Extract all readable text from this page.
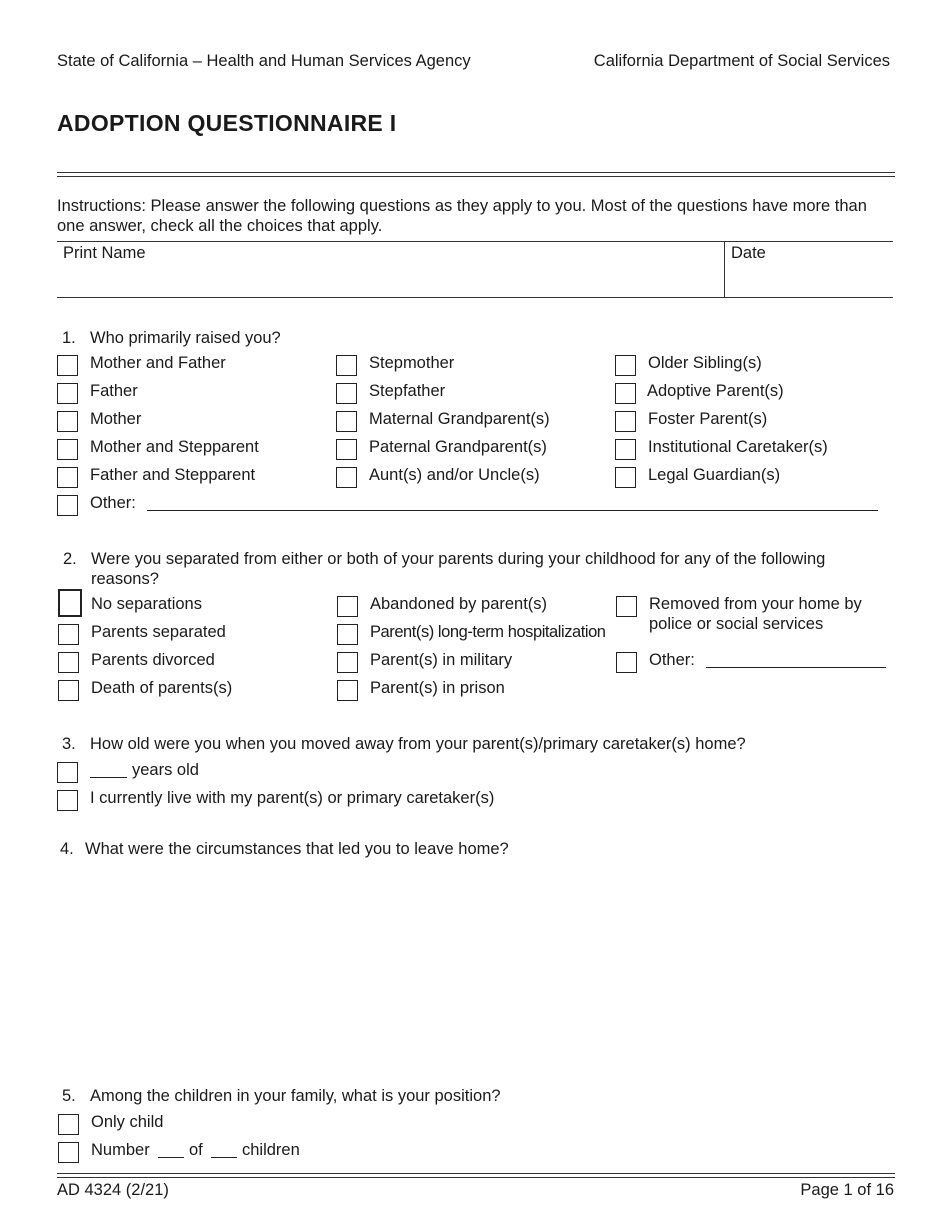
State of California – Health and Human Services Agency	California Department of Social Services
ADOPTION QUESTIONNAIRE I
Instructions: Please answer the following questions as they apply to you. Most of the questions have more than one answer, check all the choices that apply.
Print Name	Date
1. Who primarily raised you?
Mother and Father
Father
Mother
Mother and Stepparent
Father and Stepparent
Stepmother
Stepfather
Maternal Grandparent(s)
Paternal Grandparent(s)
Aunt(s) and/or Uncle(s)
Older Sibling(s)
Adoptive Parent(s)
Foster Parent(s)
Institutional Caretaker(s)
Legal Guardian(s)
Other:
2. Were you separated from either or both of your parents during your childhood for any of the following
reasons?
No separations
Parents separated
Parents divorced
Death of parents(s)
Abandoned by parent(s)
Parent(s) long-term hospitalization
Parent(s) in military
Parent(s) in prison
Removed from your home by
police or social services
Other:
3. How old were you when you moved away from your parent(s)/primary caretaker(s) home?
years old
I currently live with my parent(s) or primary caretaker(s)
4. What were the circumstances that led you to leave home?
5. Among the children in your family, what is your position?
Only child
Number of children
AD 4324 (2/21)	Page 1 of 16
